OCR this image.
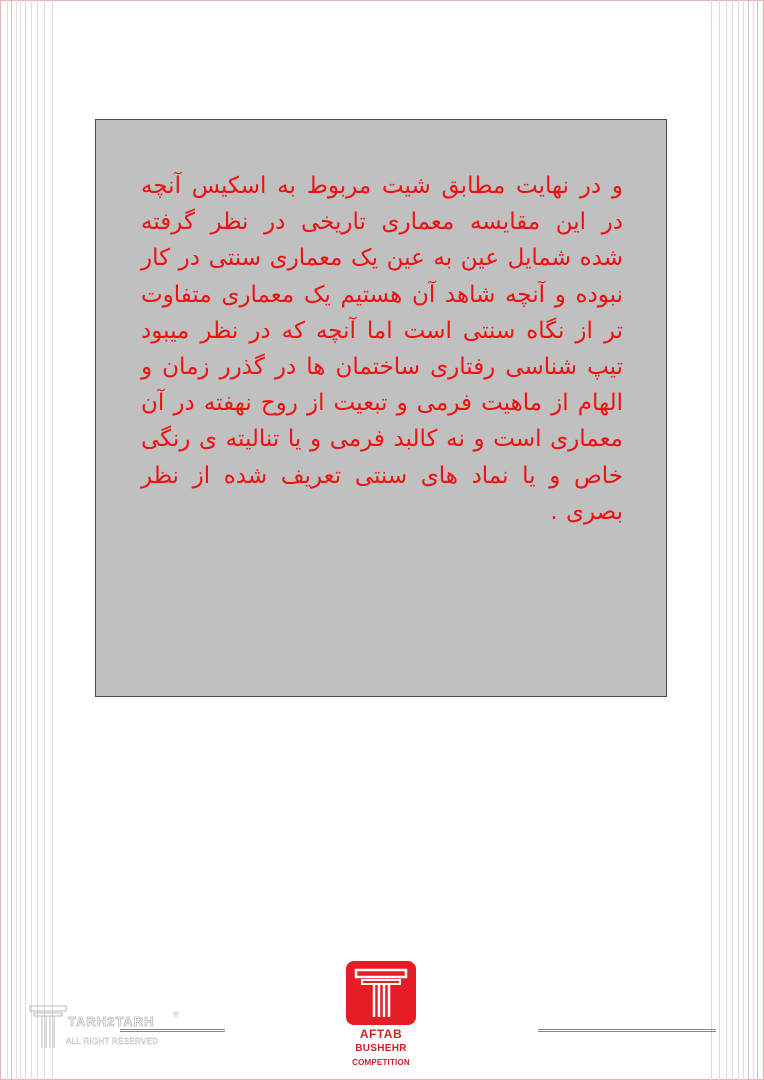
و در نهایت مطابق شیت مربوط به اسکیس آنچه در این مقایسه معماری تاریخی در نظر گرفته شده شمایل عین به عین یک معماری سنتی در کار نبوده و آنچه شاهد آن هستیم یک معماری متفاوت تر از نگاه سنتی است اما آنچه که در نظر میبود تیپ شناسی رفتاری ساختمان ها در گذرر زمان و الهام از ماهیت فرمی و تبعیت از روح نهفته در آن معماری است و نه کالبد فرمی و یا تنالیته ی رنگی خاص و یا نماد های سنتی تعریف شده از نظر بصری .

TARH2TARH ®
ALL RIGHT RESERVED
AFTAB
BUSHEHR
COMPETITION
